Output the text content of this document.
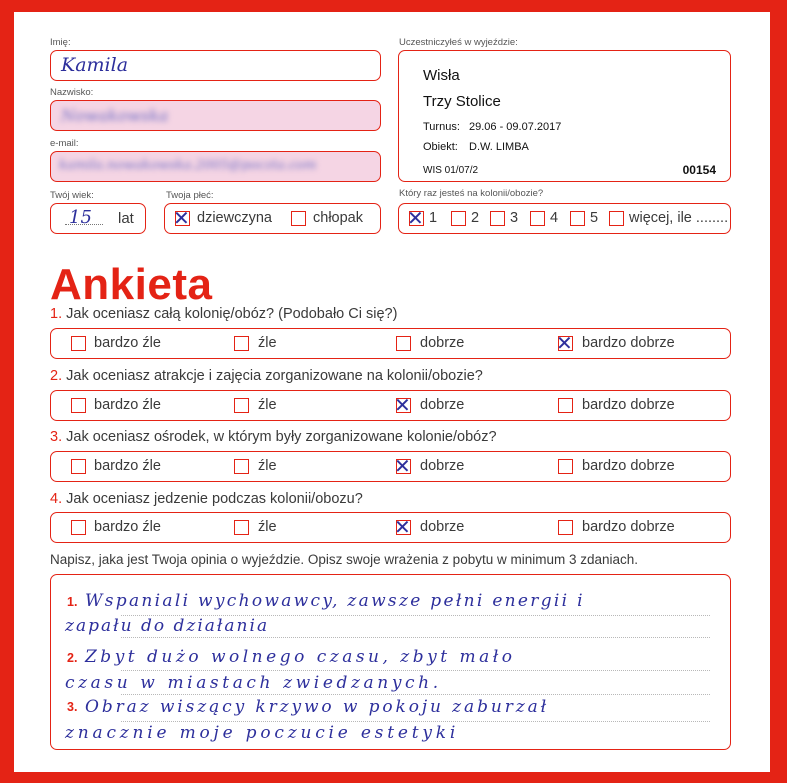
Imię:
Kamila
Nazwisko:
Nowakowska
e-mail:
kamila.nowakowska.2005@poczta.com
Twój wiek:
15 lat
Twoja płeć:
✕ dziewczyna	chłopak
Uczestniczyłeś w wyjeździe:
Wisła
Trzy Stolice
Turnus: 29.06 - 09.07.2017
Obiekt: D.W. LIMBA
WIS 01/07/2	00154
Który raz jesteś na kolonii/obozie?
✕ 1 2 3 4 5 więcej, ile ........
Ankieta
1. Jak oceniasz całą kolonię/obóz? (Podobało Ci się?)
bardzo źle	źle	dobrze	✕ bardzo dobrze
2. Jak oceniasz atrakcje i zajęcia zorganizowane na kolonii/obozie?
bardzo źle	źle	✕ dobrze	bardzo dobrze
3. Jak oceniasz ośrodek, w którym były zorganizowane kolonie/obóz?
bardzo źle	źle	✕ dobrze	bardzo dobrze
4. Jak oceniasz jedzenie podczas kolonii/obozu?
bardzo źle	źle	✕ dobrze	bardzo dobrze
Napisz, jaka jest Twoja opinia o wyjeździe. Opisz swoje wrażenia z pobytu w minimum 3 zdaniach.
1.
2.
3.
Wspaniali wychowawcy, zawsze pełni energii i
zapału do działania
Zbyt dużo wolnego czasu, zbyt mało
czasu w miastach zwiedzanych.
Obraz wiszący krzywo w pokoju zaburzał
znacznie moje poczucie estetyki
